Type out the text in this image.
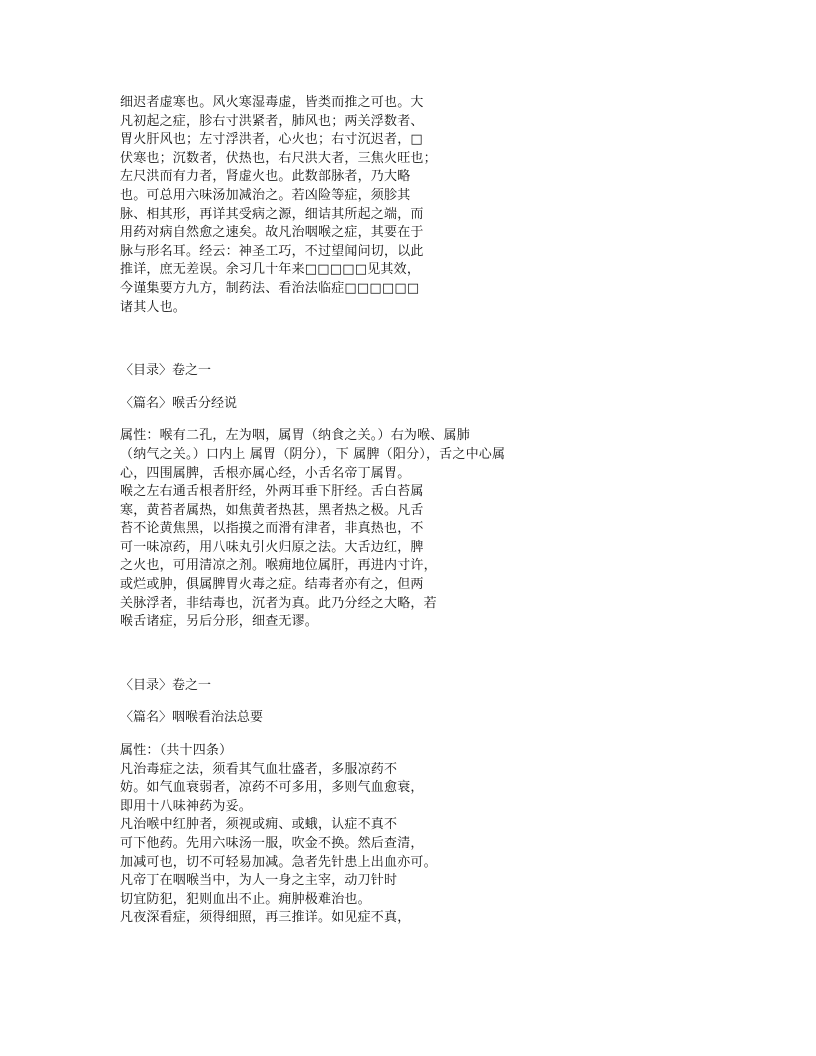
细迟者虚寒也。风火寒湿毒虚，皆类而推之可也。大
凡初起之症，胗右寸洪紧者，肺风也；两关浮数者、
胃火肝风也；左寸浮洪者，心火也；右寸沉迟者，□
伏寒也；沉数者，伏热也，右尺洪大者，三焦火旺也；
左尺洪而有力者，肾虚火也。此数部脉者，乃大略
也。可总用六味汤加减治之。若凶险等症，须胗其
脉、相其形，再详其受病之源，细诘其所起之端，而
用药对病自然愈之速矣。故凡治咽喉之症，其要在于
脉与形名耳。经云：神圣工巧，不过望闻问切，以此
推详，庶无差误。余习几十年来□□□□□见其效，
今谨集要方九方，制药法、看治法临症□□□□□□
诸其人也。
〈目录〉卷之一
〈篇名〉喉舌分经说
属性：喉有二孔，左为咽，属胃（纳食之关。）右为喉、属肺
（纳气之关。）口内上 属胃（阴分），下 属脾（阳分），舌之中心属
心，四围属脾，舌根亦属心经，小舌名帝丁属胃。
喉之左右通舌根者肝经，外两耳垂下肝经。舌白苔属
寒，黄苔者属热，如焦黄者热甚，黑者热之极。凡舌
苔不论黄焦黑，以指摸之而滑有津者，非真热也，不
可一味凉药，用八味丸引火归原之法。大舌边红，脾
之火也，可用清凉之剂。喉痈地位属肝，再进内寸许，
或烂或肿，俱属脾胃火毒之症。结毒者亦有之，但两
关脉浮者，非结毒也，沉者为真。此乃分经之大略，若
喉舌诸症，另后分形，细查无谬。
〈目录〉卷之一
〈篇名〉咽喉看治法总要
属性：（共十四条）
凡治毒症之法，须看其气血壮盛者，多服凉药不
妨。如气血衰弱者，凉药不可多用，多则气血愈衰，
即用十八味神药为妥。
凡治喉中红肿者，须视或痈、或蛾，认症不真不
可下他药。先用六味汤一服，吹金不换。然后查清，
加减可也，切不可轻易加减。急者先针患上出血亦可。
凡帝丁在咽喉当中，为人一身之主宰，动刀针时
切宜防犯，犯则血出不止。痈肿极难治也。
凡夜深看症，须得细照，再三推详。如见症不真，
